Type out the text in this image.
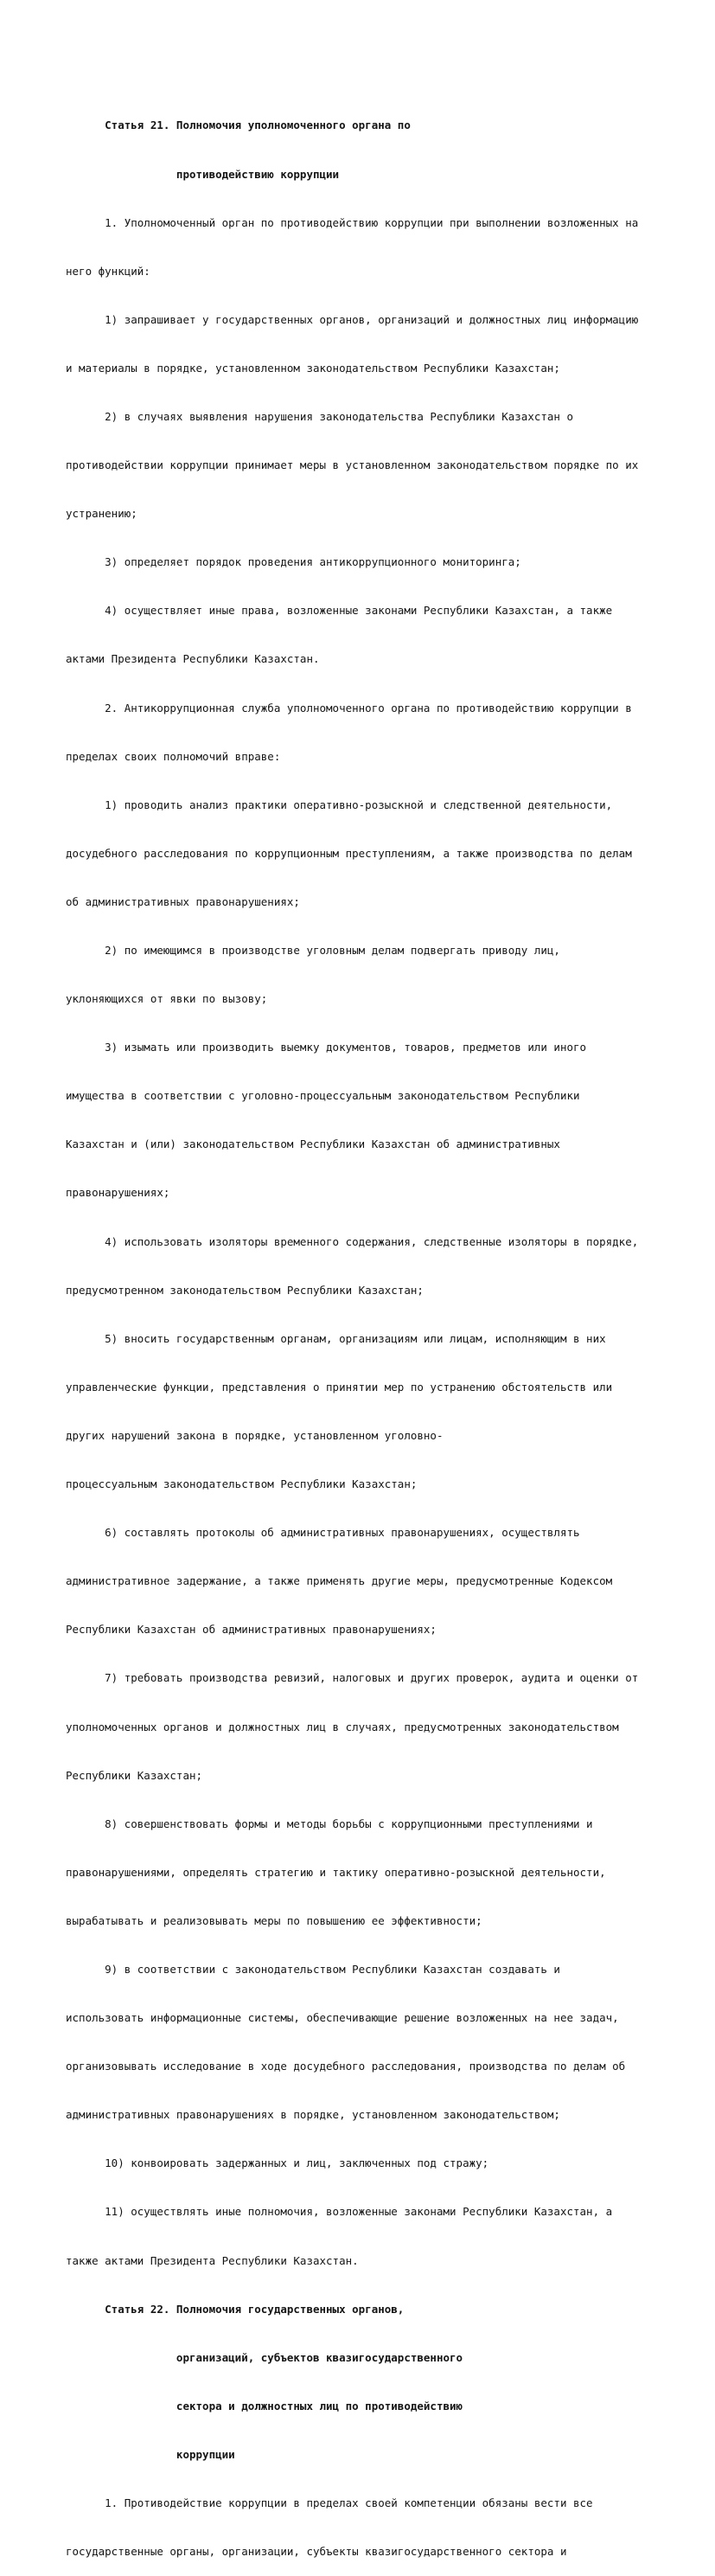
Статья 21. Полномочия уполномоченного органа по

противодействию коррупции

1. Уполномоченный орган по противодействию коррупции при выполнении возложенных на

него функций:

1) запрашивает у государственных органов, организаций и должностных лиц информацию

и материалы в порядке, установленном законодательством Республики Казахстан;

2) в случаях выявления нарушения законодательства Республики Казахстан о

противодействии коррупции принимает меры в установленном законодательством порядке по их

устранению;

3) определяет порядок проведения антикоррупционного мониторинга;

4) осуществляет иные права, возложенные законами Республики Казахстан, а также

актами Президента Республики Казахстан.

2. Антикоррупционная служба уполномоченного органа по противодействию коррупции в

пределах своих полномочий вправе:

1) проводить анализ практики оперативно-розыскной и следственной деятельности,

досудебного расследования по коррупционным преступлениям, а также производства по делам

об административных правонарушениях;

2) по имеющимся в производстве уголовным делам подвергать приводу лиц,

уклоняющихся от явки по вызову;

3) изымать или производить выемку документов, товаров, предметов или иного

имущества в соответствии с уголовно-процессуальным законодательством Республики

Казахстан и (или) законодательством Республики Казахстан об административных

правонарушениях;

4) использовать изоляторы временного содержания, следственные изоляторы в порядке,

предусмотренном законодательством Республики Казахстан;

5) вносить государственным органам, организациям или лицам, исполняющим в них

управленческие функции, представления о принятии мер по устранению обстоятельств или

других нарушений закона в порядке, установленном уголовно-

процессуальным законодательством Республики Казахстан;

6) составлять протоколы об административных правонарушениях, осуществлять

административное задержание, а также применять другие меры, предусмотренные Кодексом

Республики Казахстан об административных правонарушениях;

7) требовать производства ревизий, налоговых и других проверок, аудита и оценки от

уполномоченных органов и должностных лиц в случаях, предусмотренных законодательством

Республики Казахстан;

8) совершенствовать формы и методы борьбы с коррупционными преступлениями и

правонарушениями, определять стратегию и тактику оперативно-розыскной деятельности,

вырабатывать и реализовывать меры по повышению ее эффективности;

9) в соответствии с законодательством Республики Казахстан создавать и

использовать информационные системы, обеспечивающие решение возложенных на нее задач,

организовывать исследование в ходе досудебного расследования, производства по делам об

административных правонарушениях в порядке, установленном законодательством;

10) конвоировать задержанных и лиц, заключенных под стражу;

11) осуществлять иные полномочия, возложенные законами Республики Казахстан, а

также актами Президента Республики Казахстан.

Статья 22. Полномочия государственных органов,

организаций, субъектов квазигосударственного

сектора и должностных лиц по противодействию

коррупции

1. Противодействие коррупции в пределах своей компетенции обязаны вести все

государственные органы, организации, субъекты квазигосударственного сектора и
